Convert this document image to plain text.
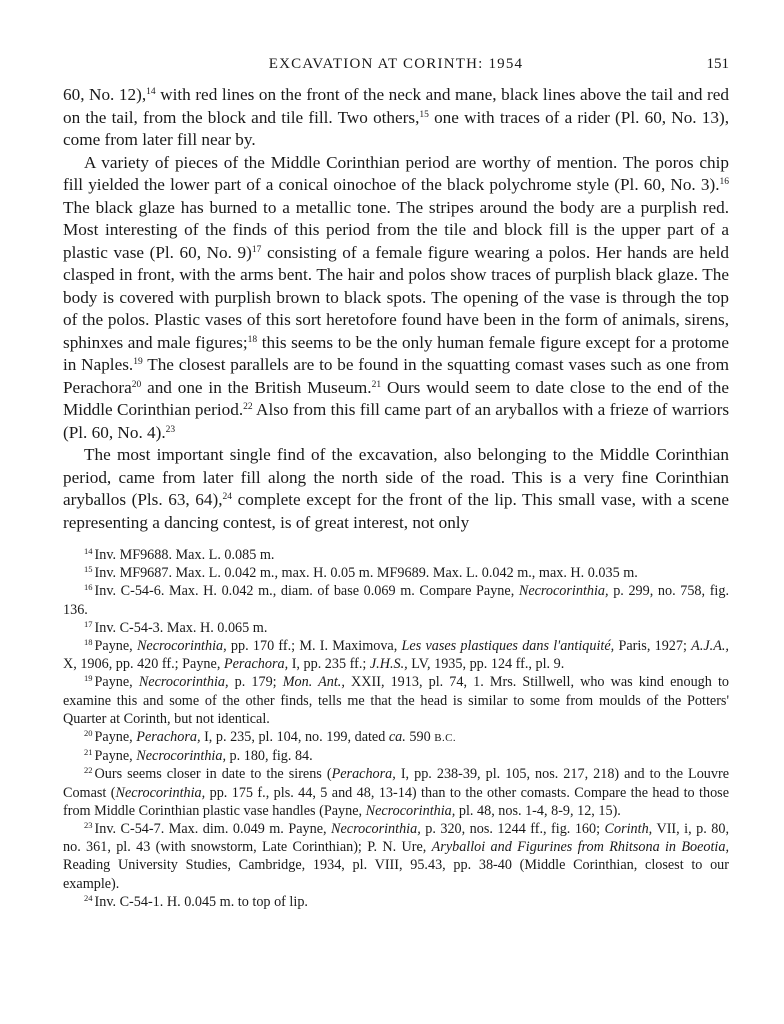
EXCAVATION AT CORINTH: 1954	151

60, No. 12),$^{14}$ with red lines on the front of the neck and mane, black lines above the tail and red on the tail, from the block and tile fill. Two others,$^{15}$ one with traces of a rider (Pl. 60, No. 13), come from later fill near by.

A variety of pieces of the Middle Corinthian period are worthy of mention. The poros chip fill yielded the lower part of a conical oinochoe of the black polychrome style (Pl. 60, No. 3).$^{16}$ The black glaze has burned to a metallic tone. The stripes around the body are a purplish red. Most interesting of the finds of this period from the tile and block fill is the upper part of a plastic vase (Pl. 60, No. 9)$^{17}$ consisting of a female figure wearing a polos. Her hands are held clasped in front, with the arms bent. The hair and polos show traces of purplish black glaze. The body is covered with purplish brown to black spots. The opening of the vase is through the top of the polos. Plastic vases of this sort heretofore found have been in the form of animals, sirens, sphinxes and male figures;$^{18}$ this seems to be the only human female figure except for a protome in Naples.$^{19}$ The closest parallels are to be found in the squatting comast vases such as one from Perachora$^{20}$ and one in the British Museum.$^{21}$ Ours would seem to date close to the end of the Middle Corinthian period.$^{22}$ Also from this fill came part of an aryballos with a frieze of warriors (Pl. 60, No. 4).$^{23}$

The most important single find of the excavation, also belonging to the Middle Corinthian period, came from later fill along the north side of the road. This is a very fine Corinthian aryballos (Pls. 63, 64),$^{24}$ complete except for the front of the lip. This small vase, with a scene representing a dancing contest, is of great interest, not only

$^{14}$ Inv. MF9688. Max. L. 0.085 m.

$^{15}$ Inv. MF9687. Max. L. 0.042 m., max. H. 0.05 m. MF9689. Max. L. 0.042 m., max. H. 0.035 m.

$^{16}$ Inv. C-54-6. Max. H. 0.042 m., diam. of base 0.069 m. Compare Payne, Necrocorinthia, p. 299, no. 758, fig. 136.

$^{17}$ Inv. C-54-3. Max. H. 0.065 m.

$^{18}$ Payne, Necrocorinthia, pp. 170 ff.; M. I. Maximova, Les vases plastiques dans l'antiquité, Paris, 1927; A.J.A., X, 1906, pp. 420 ff.; Payne, Perachora, I, pp. 235 ff.; J.H.S., LV, 1935, pp. 124 ff., pl. 9.

$^{19}$ Payne, Necrocorinthia, p. 179; Mon. Ant., XXII, 1913, pl. 74, 1. Mrs. Stillwell, who was kind enough to examine this and some of the other finds, tells me that the head is similar to some from moulds of the Potters' Quarter at Corinth, but not identical.

$^{20}$ Payne, Perachora, I, p. 235, pl. 104, no. 199, dated ca. 590 B.C.

$^{21}$ Payne, Necrocorinthia, p. 180, fig. 84.

$^{22}$ Ours seems closer in date to the sirens (Perachora, I, pp. 238-39, pl. 105, nos. 217, 218) and to the Louvre Comast (Necrocorinthia, pp. 175 f., pls. 44, 5 and 48, 13-14) than to the other comasts. Compare the head to those from Middle Corinthian plastic vase handles (Payne, Necrocorinthia, pl. 48, nos. 1-4, 8-9, 12, 15).

$^{23}$ Inv. C-54-7. Max. dim. 0.049 m. Payne, Necrocorinthia, p. 320, nos. 1244 ff., fig. 160; Corinth, VII, i, p. 80, no. 361, pl. 43 (with snowstorm, Late Corinthian); P. N. Ure, Aryballoi and Figurines from Rhitsona in Boeotia, Reading University Studies, Cambridge, 1934, pl. VIII, 95.43, pp. 38-40 (Middle Corinthian, closest to our example).

$^{24}$ Inv. C-54-1. H. 0.045 m. to top of lip.
